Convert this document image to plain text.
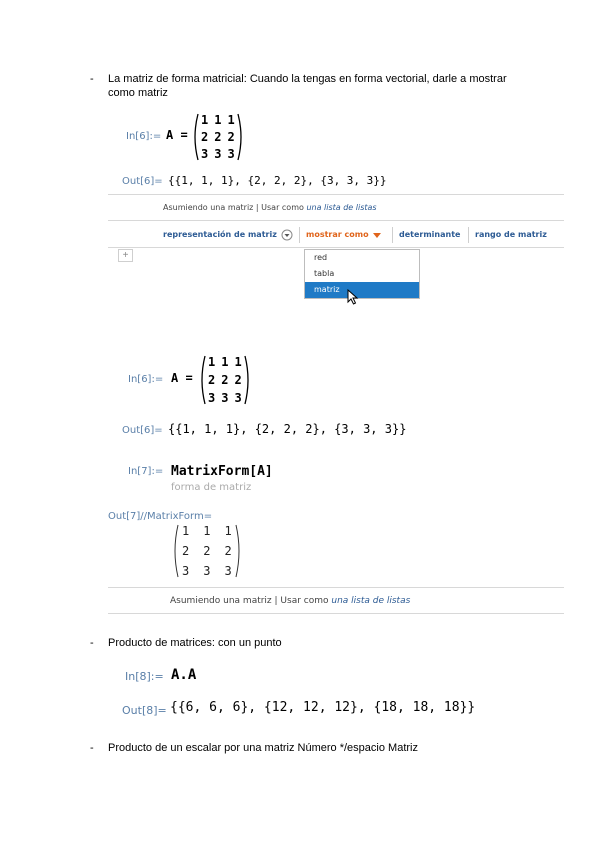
- La matriz de forma matricial: Cuando la tengas en forma vectorial, darle a mostrar como matriz
In[6]:= A =
1 1 1
2 2 2
3 3 3
Out[6]= {{1, 1, 1}, {2, 2, 2}, {3, 3, 3}}
Asumiendo una matriz | Usar como una lista de listas
representación de matriz	mostrar como	determinante rango de matriz
+	red
tabla
matriz
In[6]:= A =
1 1 1
2 2 2
3 3 3
Out[6]= {{1, 1, 1}, {2, 2, 2}, {3, 3, 3}}
In[7]:= MatrixForm[A]
forma de matriz
Out[7]//MatrixForm=
1 1 1
2 2 2
3 3 3
Asumiendo una matriz | Usar como una lista de listas
- Producto de matrices: con un punto
In[8]:= A.A
Out[8]= {{6, 6, 6}, {12, 12, 12}, {18, 18, 18}}
- Producto de un escalar por una matriz Número */espacio Matriz
